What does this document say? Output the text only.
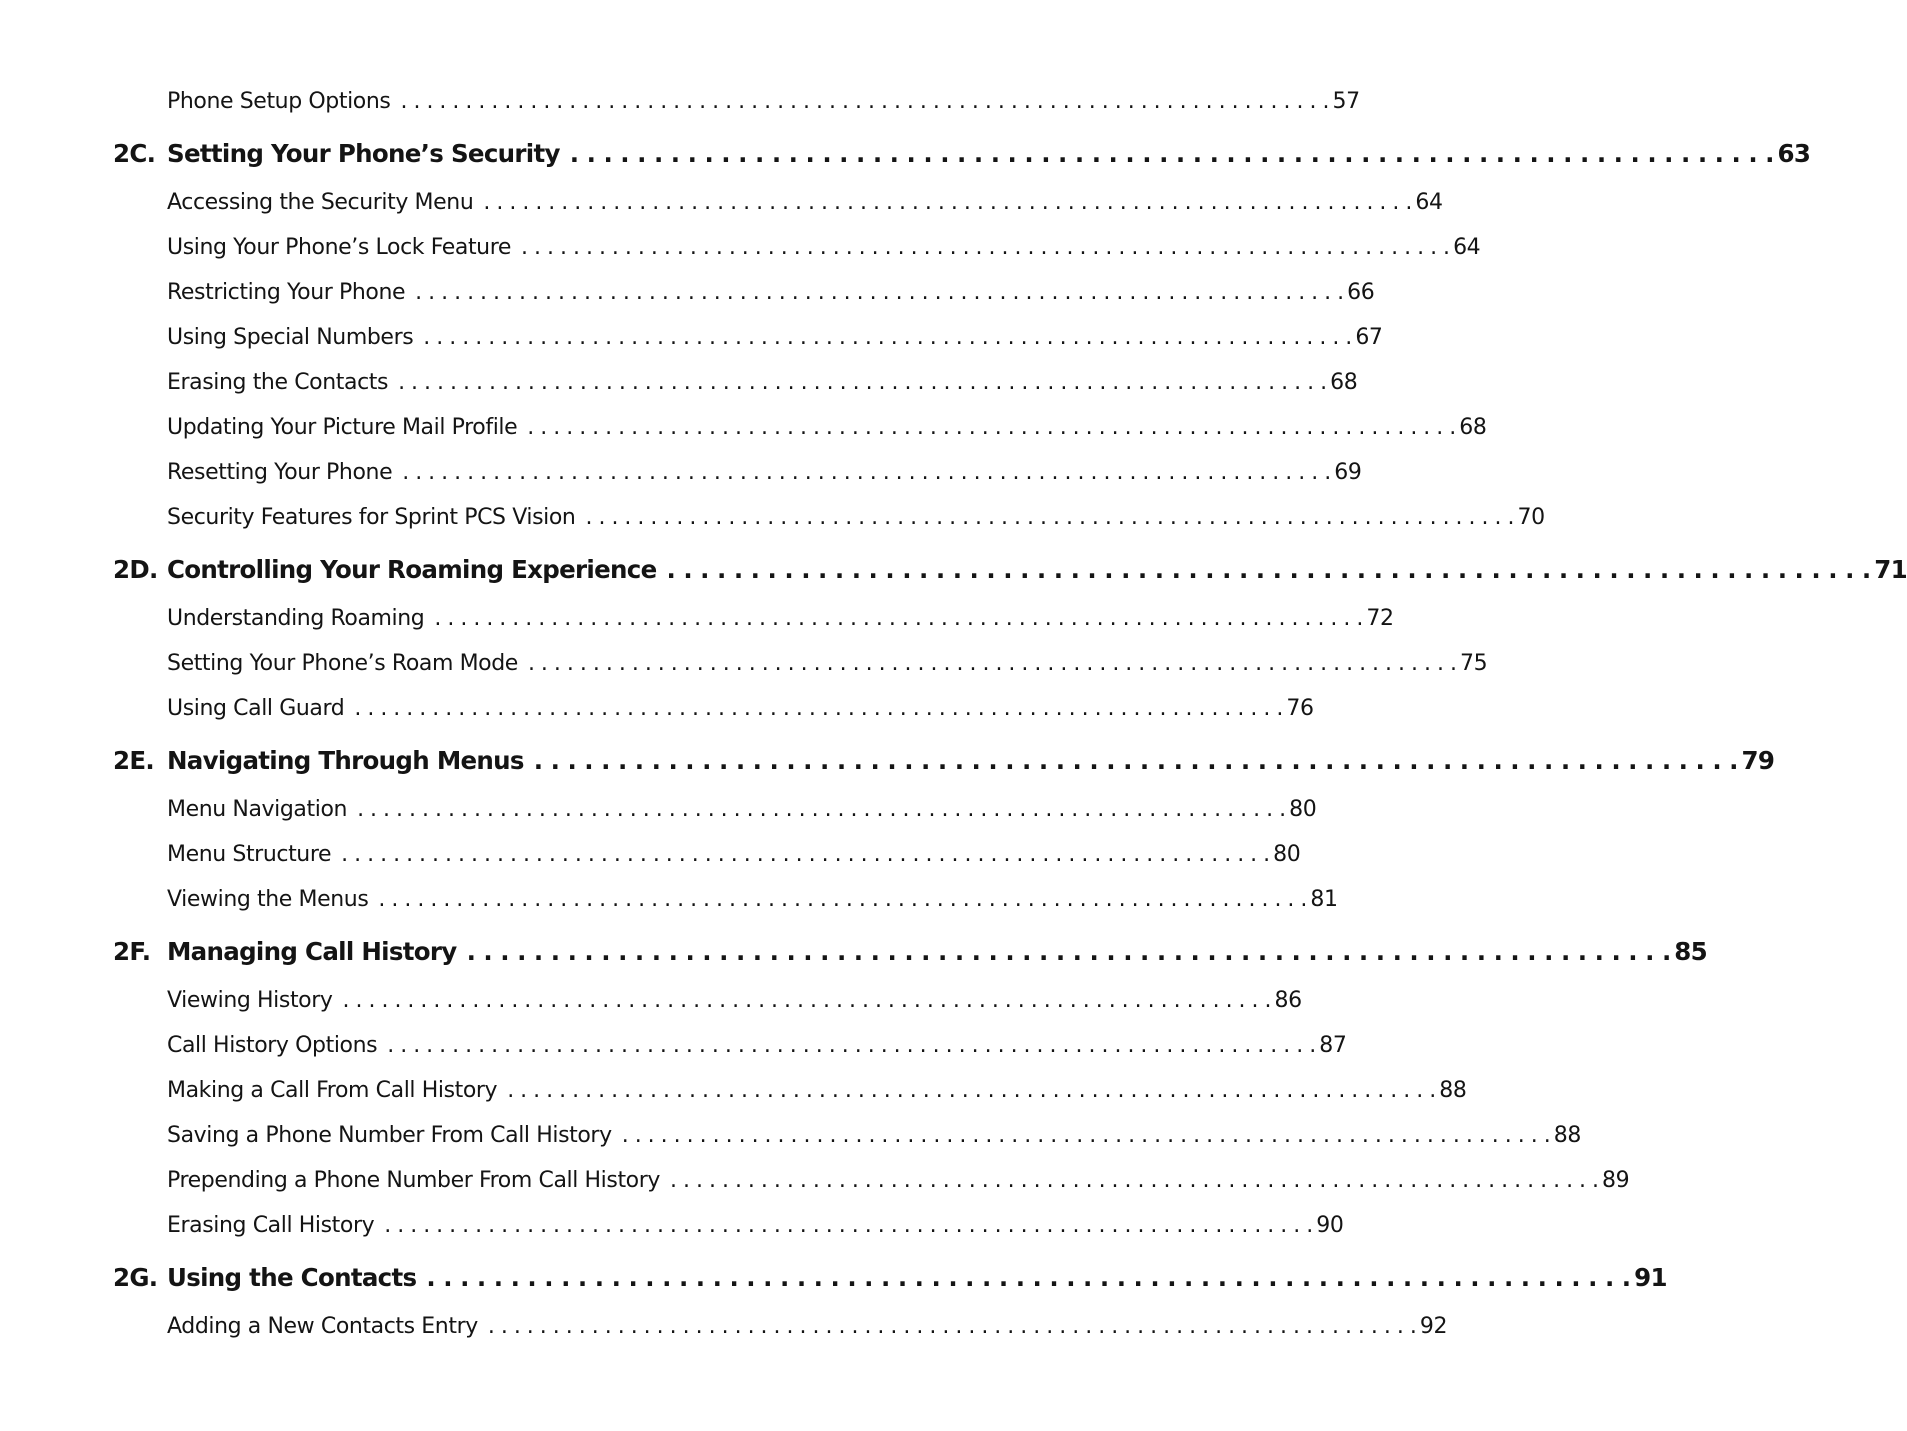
Phone Setup Options . . .	57
2C. Setting Your Phone’s Security . . .	63
Accessing the Security Menu . . .	64
Using Your Phone’s Lock Feature . . .	64
Restricting Your Phone . . .	66
Using Special Numbers . . .	67
Erasing the Contacts . . .	68
Updating Your Picture Mail Profile . . .	68
Resetting Your Phone . . .	69
Security Features for Sprint PCS Vision . . .	70
2D. Controlling Your Roaming Experience . . .	71
Understanding Roaming . . .	72
Setting Your Phone’s Roam Mode . . .	75
Using Call Guard . . .	76
2E. Navigating Through Menus . . .	79
Menu Navigation . . .	80
Menu Structure . . .	80
Viewing the Menus . . .	81
2F. Managing Call History . . .	85
Viewing History . . .	86
Call History Options . . .	87
Making a Call From Call History . . .	88
Saving a Phone Number From Call History . . .	88
Prepending a Phone Number From Call History . . .	89
Erasing Call History . . .	90
2G. Using the Contacts . . .	91
Adding a New Contacts Entry . . .	92
